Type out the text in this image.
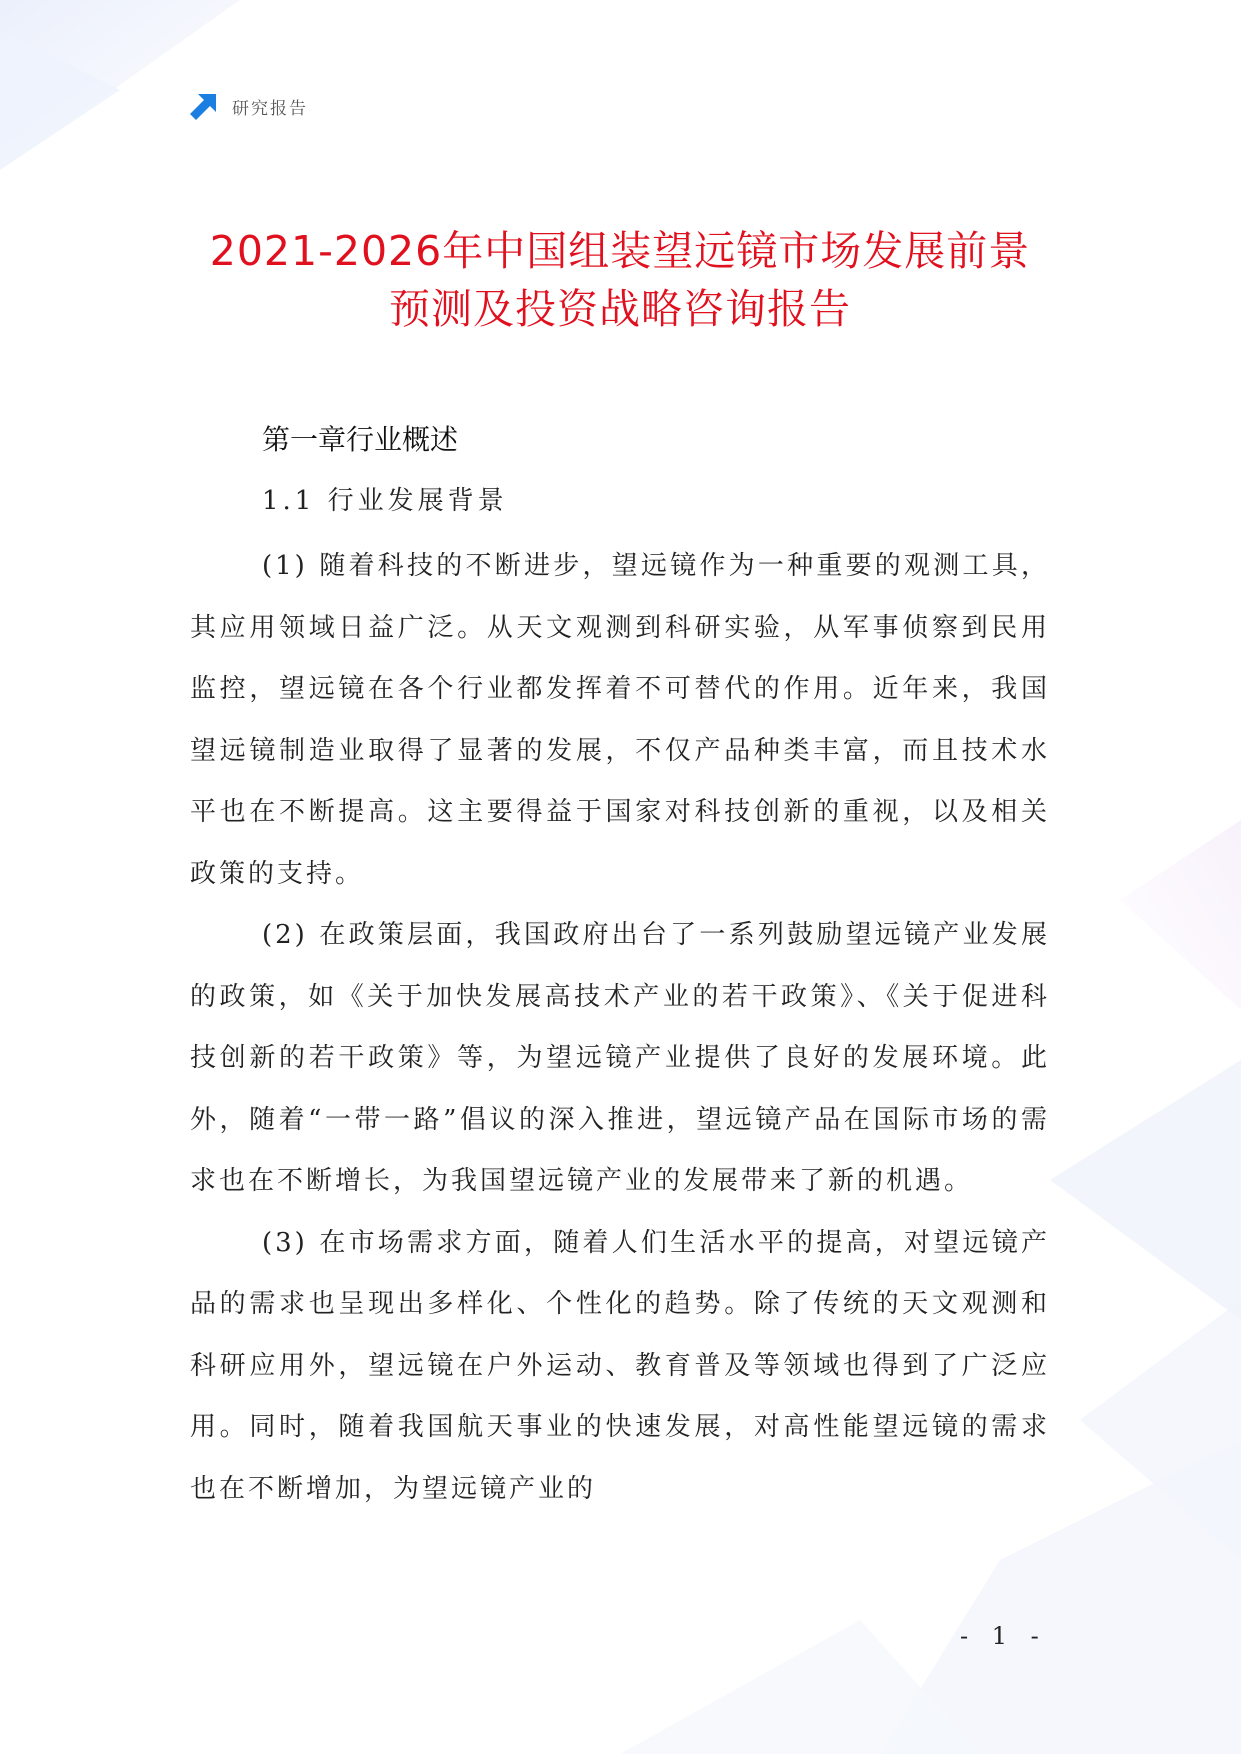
研究报告
2021-2026年中国组装望远镜市场发展前景
预测及投资战略咨询报告
第一章行业概述
1.1 行业发展背景

(1) 随着科技的不断进步，望远镜作为一种重要的观测工具，其应用领域日益广泛。从天文观测到科研实验，从军事侦察到民用监控，望远镜在各个行业都发挥着不可替代的作用。近年来，我国望远镜制造业取得了显著的发展，不仅产品种类丰富，而且技术水平也在不断提高。这主要得益于国家对科技创新的重视，以及相关政策的支持。

(2) 在政策层面，我国政府出台了一系列鼓励望远镜产业发展的政策，如《关于加快发展高技术产业的若干政策》、《关于促进科技创新的若干政策》等，为望远镜产业提供了良好的发展环境。此外，随着“一带一路”倡议的深入推进，望远镜产品在国际市场的需求也在不断增长，为我国望远镜产业的发展带来了新的机遇。

(3) 在市场需求方面，随着人们生活水平的提高，对望远镜产品的需求也呈现出多样化、个性化的趋势。除了传统的天文观测和科研应用外，望远镜在户外运动、教育普及等领域也得到了广泛应用。同时，随着我国航天事业的快速发展，对高性能望远镜的需求也在不断增加，为望远镜产业的

- 1 -
